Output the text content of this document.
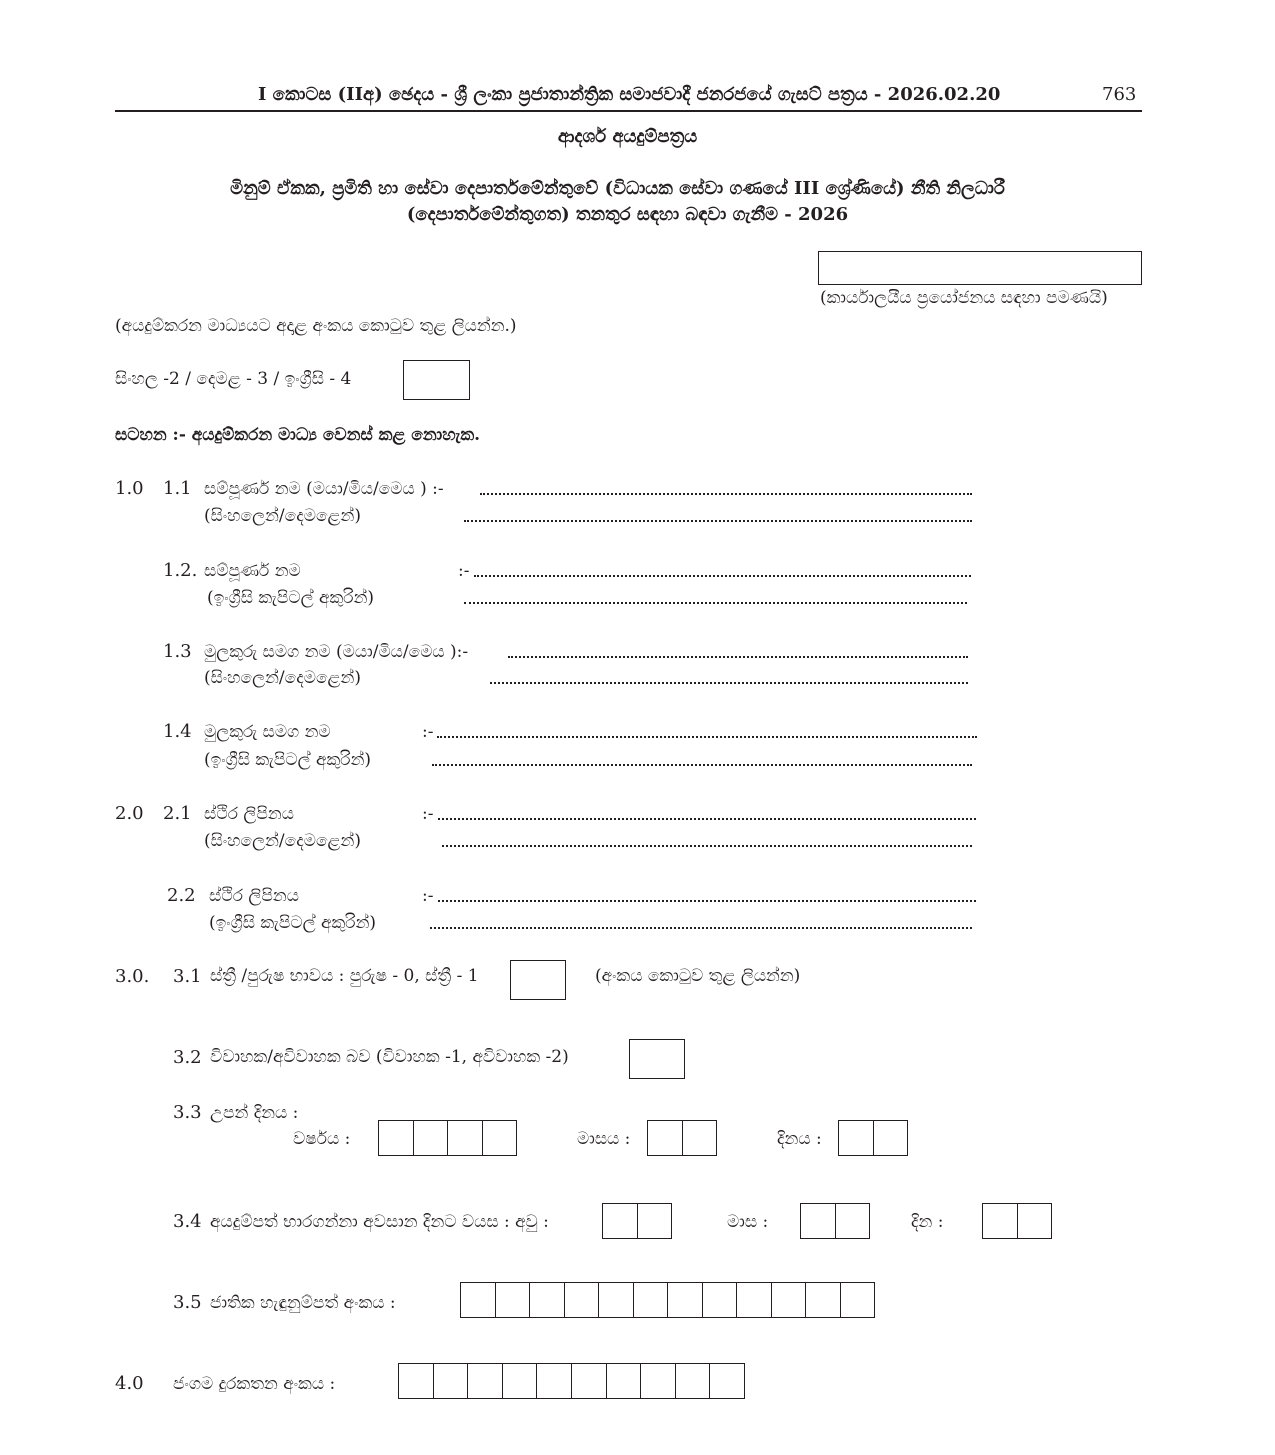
I කොටස (IIඅ) ඡෙදය - ශ්‍රී ලංකා ප්‍රජාතාන්ත්‍රික සමාජවාදී ජනරජයේ ගැසට් පත්‍රය - 2026.02.20	763
ආදර්ශ අයදුම්පත්‍රය
මිනුම් ඒකක, ප්‍රමිති හා සේවා දෙපාර්තමේන්තුවේ (විධායක සේවා ගණයේ III ශ්‍රේණියේ) නීති නිලධාරී
(දෙපාර්තමේන්තුගත) තනතුර සඳහා බඳවා ගැනීම - 2026
(කාර්යාලයීය ප්‍රයෝජනය සඳහා පමණයි)
(අයදුම්කරන මාධ්‍යයට අදාළ අංකය කොටුව තුළ ලියන්න.)
සිංහල -2 / දෙමළ - 3 / ඉංග්‍රීසි - 4
සටහන :- අයදුම්කරන මාධ්‍ය වෙනස් කළ නොහැක.
1.0 1.1 සම්පූර්ණ නම (මයා/මිය/මෙය ) :-
(සිංහලෙන්/දෙමළෙන්)
1.2. සම්පූර්ණ නම	:-
(ඉංග්‍රීසි කැපිටල් අකුරින්)
1.3 මුලකුරු සමග නම (මයා/මිය/මෙය ):-
(සිංහලෙන්/දෙමළෙන්)
1.4 මුලකුරු සමග නම	:-
(ඉංග්‍රීසි කැපිටල් අකුරින්)
2.0 2.1 ස්ථිර ලිපිනය	:-
(සිංහලෙන්/දෙමළෙන්)
2.2 ස්ථිර ලිපිනය	:-
(ඉංග්‍රීසි කැපිටල් අකුරින්)
3.0. 3.1 ස්ත්‍රී /පුරුෂ භාවය : පුරුෂ - 0, ස්ත්‍රී - 1	(අංකය කොටුව තුළ ලියන්න)
3.2 විවාහක/අවිවාහක බව (විවාහක -1, අවිවාහක -2)
3.3 උපන් දිනය :
වර්ෂය :	මාසය :	දිනය :
3.4 අයදුම්පත් භාරගන්නා අවසාන දිනට වයස : අවු :	මාස :	දින :
3.5 ජාතික හැඳුනුම්පත් අංකය :
4.0 ජංගම දුරකතන අංකය :
